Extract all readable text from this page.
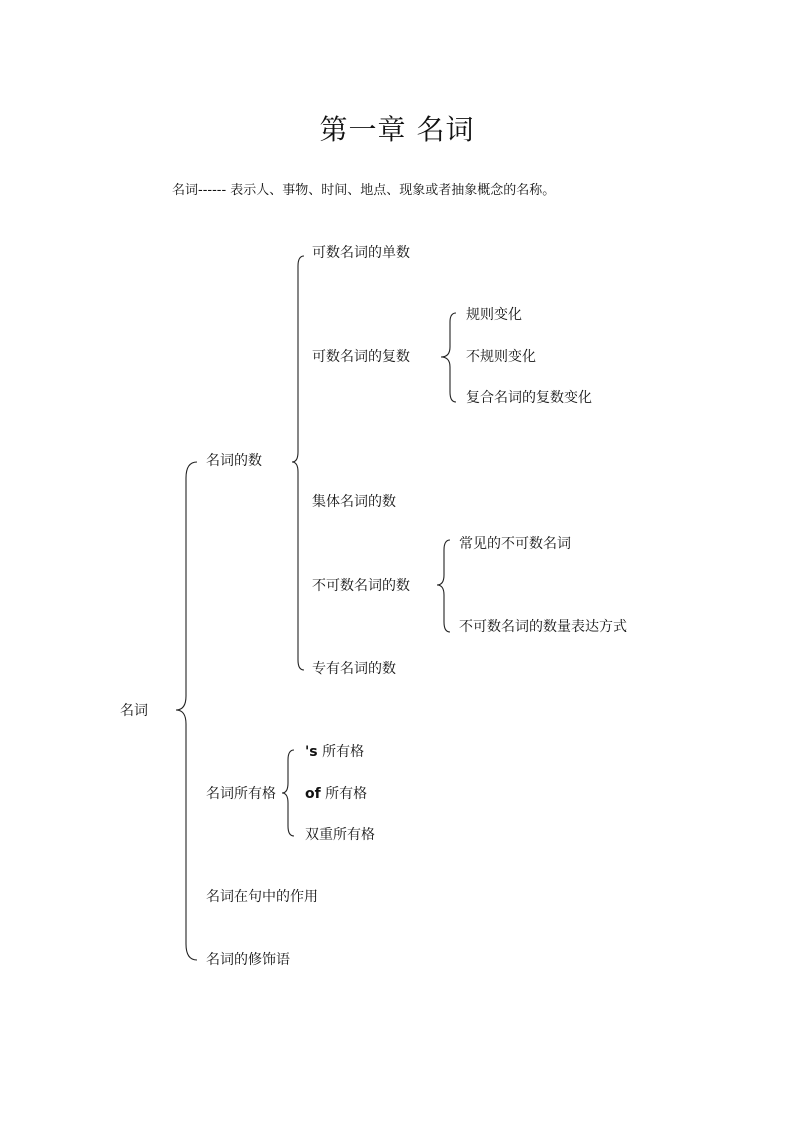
第一章 名词
名词------ 表示人、事物、时间、地点、现象或者抽象概念的名称。
名词
名词的数
名词所有格
名词在句中的作用
名词的修饰语
可数名词的单数
可数名词的复数
集体名词的数
不可数名词的数
专有名词的数
规则变化
不规则变化
复合名词的复数变化
常见的不可数名词
不可数名词的数量表达方式
's 所有格
of 所有格
双重所有格
